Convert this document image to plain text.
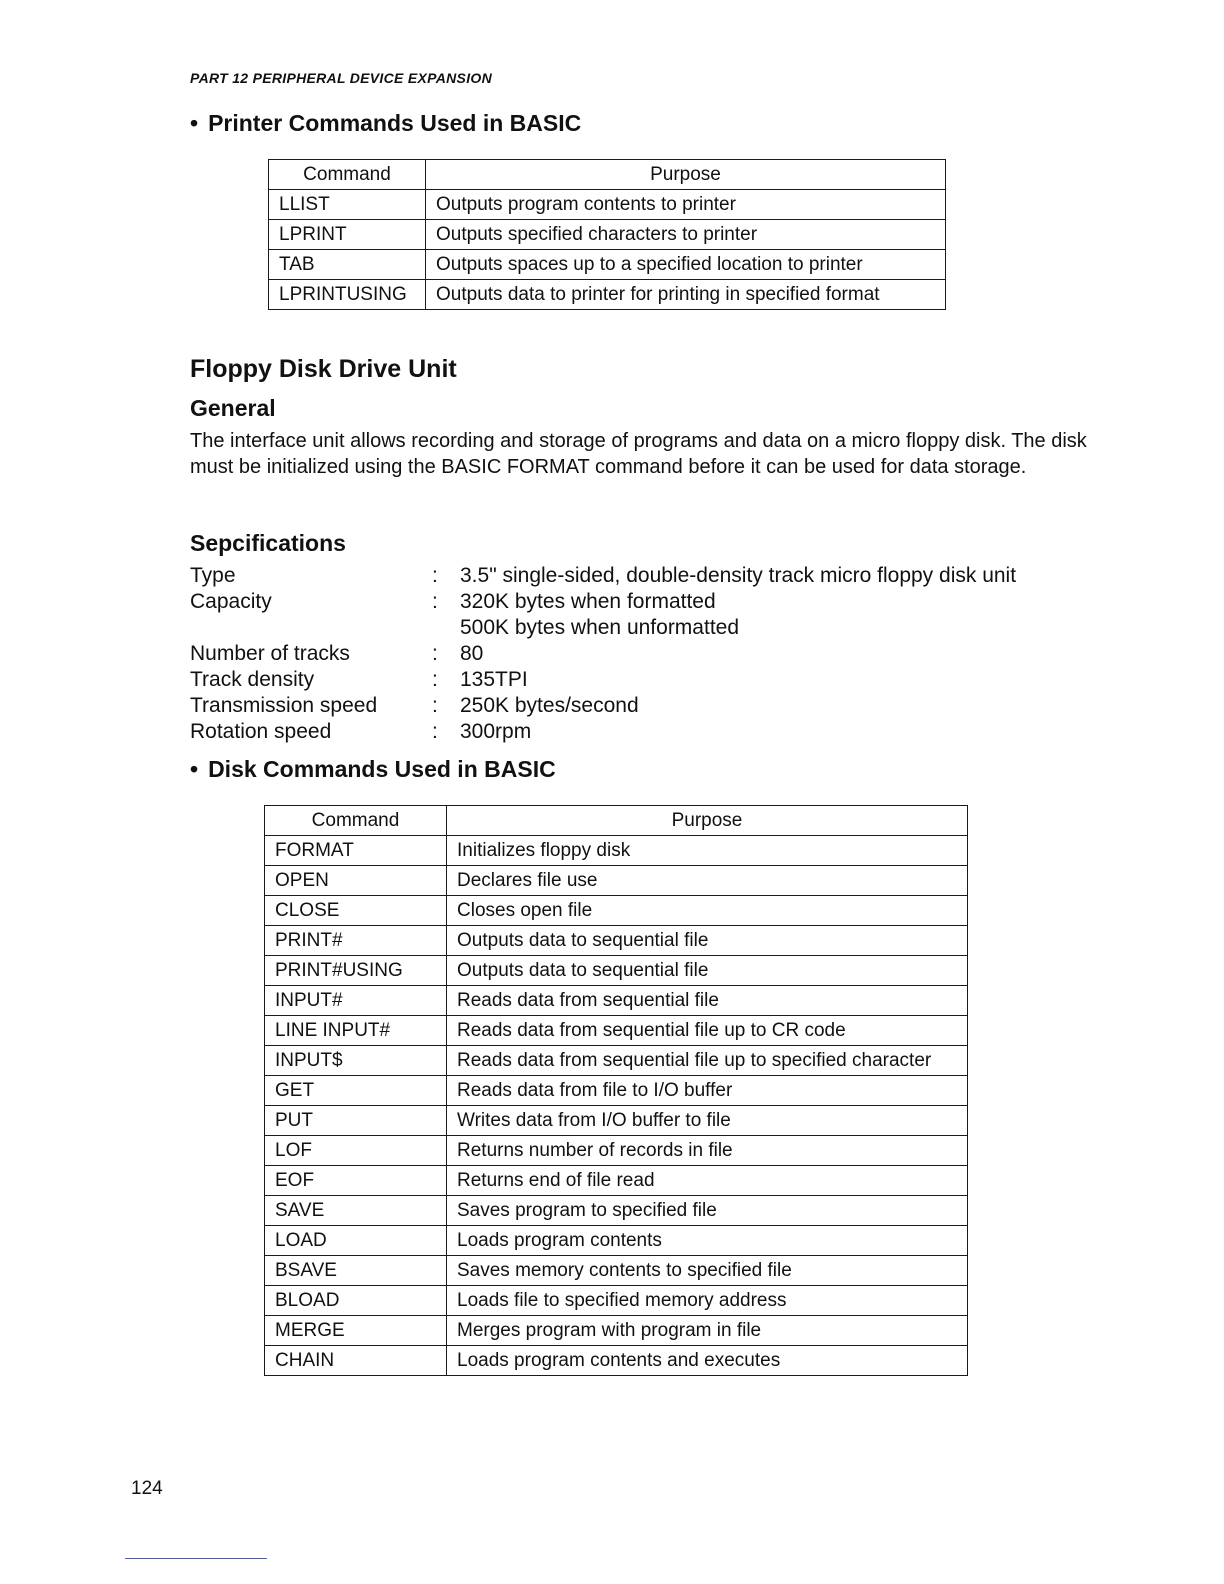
PART 12 PERIPHERAL DEVICE EXPANSION
• Printer Commands Used in BASIC
Command	Purpose
LLIST	Outputs program contents to printer
LPRINT	Outputs specified characters to printer
TAB	Outputs spaces up to a specified location to printer
LPRINTUSING	Outputs data to printer for printing in specified format
Floppy Disk Drive Unit
General

The interface unit allows recording and storage of programs and data on a micro floppy disk. The disk must be initialized using the BASIC FORMAT command before it can be used for data storage.

Sepcifications
Type	:	3.5" single-sided, double-density track micro floppy disk unit
Capacity	:	320K bytes when formatted
500K bytes when unformatted
Number of tracks	:	80
Track density	:	135TPI
Transmission speed	:	250K bytes/second
Rotation speed	:	300rpm
• Disk Commands Used in BASIC
Command	Purpose
FORMAT	Initializes floppy disk
OPEN	Declares file use
CLOSE	Closes open file
PRINT#	Outputs data to sequential file
PRINT#USING	Outputs data to sequential file
INPUT#	Reads data from sequential file
LINE INPUT#	Reads data from sequential file up to CR code
INPUT$	Reads data from sequential file up to specified character
GET	Reads data from file to I/O buffer
PUT	Writes data from I/O buffer to file
LOF	Returns number of records in file
EOF	Returns end of file read
SAVE	Saves program to specified file
LOAD	Loads program contents
BSAVE	Saves memory contents to specified file
BLOAD	Loads file to specified memory address
MERGE	Merges program with program in file
CHAIN	Loads program contents and executes
124
